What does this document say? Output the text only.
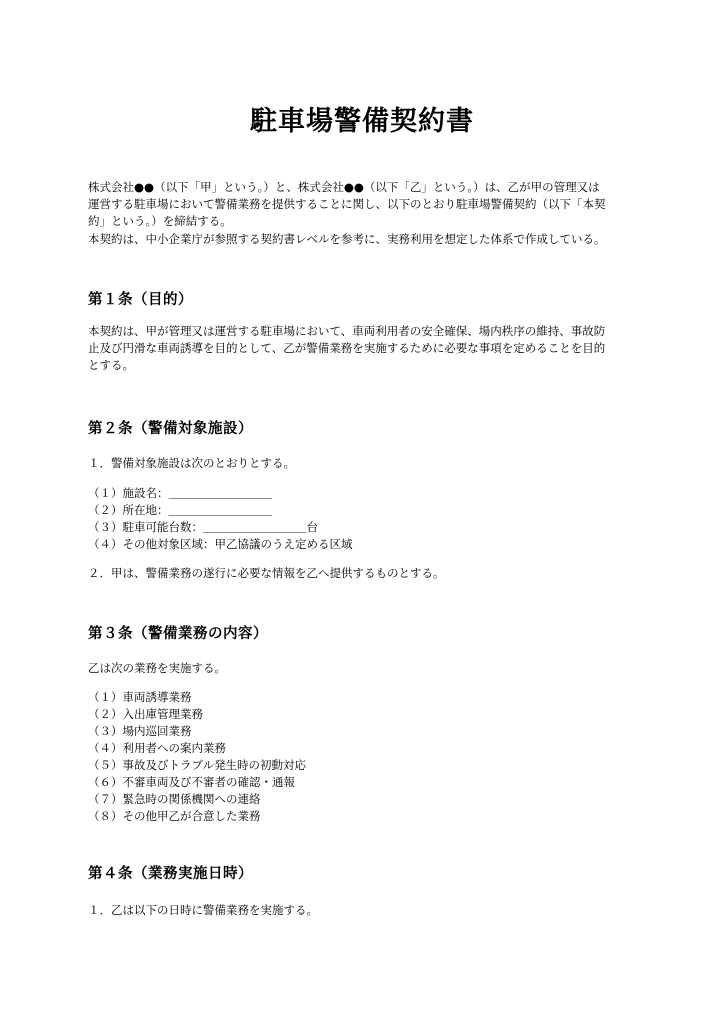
駐車場警備契約書

株式会社●●（以下「甲」という。）と、株式会社●●（以下「乙」という。）は、乙が甲の管理又は

運営する駐車場において警備業務を提供することに関し、以下のとおり駐車場警備契約（以下「本契

約」という。）を締結する。

本契約は、中小企業庁が参照する契約書レベルを参考に、実務利用を想定した体系で作成している。

第１条（目的）

本契約は、甲が管理又は運営する駐車場において、車両利用者の安全確保、場内秩序の維持、事故防

止及び円滑な車両誘導を目的として、乙が警備業務を実施するために必要な事項を定めることを目的

とする。

第２条（警備対象施設）

１．警備対象施設は次のとおりとする。

（１）施設名：＿＿＿＿＿＿＿＿＿

（２）所在地：＿＿＿＿＿＿＿＿＿

（３）駐車可能台数：＿＿＿＿＿＿＿＿＿台

（４）その他対象区域：甲乙協議のうえ定める区域

２．甲は、警備業務の遂行に必要な情報を乙へ提供するものとする。

第３条（警備業務の内容）

乙は次の業務を実施する。

（１）車両誘導業務

（２）入出庫管理業務

（３）場内巡回業務

（４）利用者への案内業務

（５）事故及びトラブル発生時の初動対応

（６）不審車両及び不審者の確認・通報

（７）緊急時の関係機関への連絡

（８）その他甲乙が合意した業務

第４条（業務実施日時）

１．乙は以下の日時に警備業務を実施する。
